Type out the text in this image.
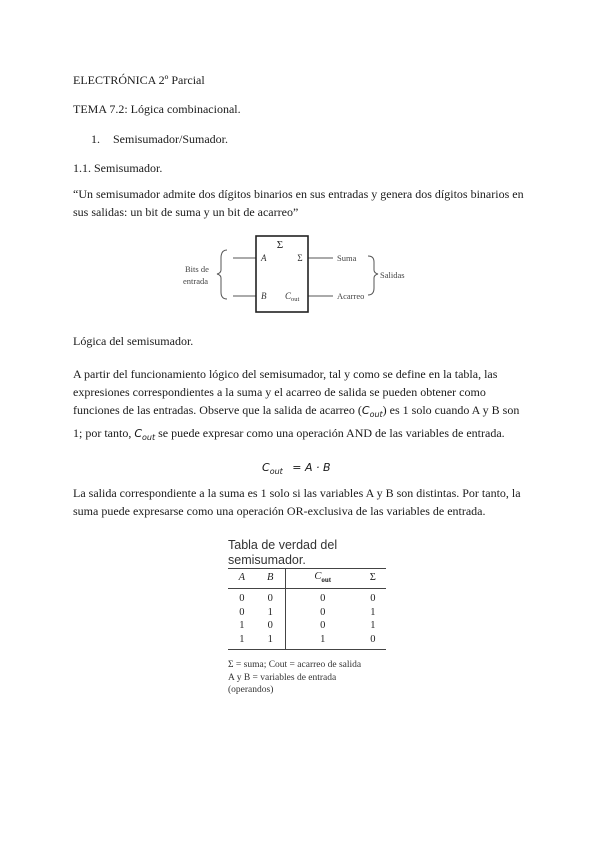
ELECTRÓNICA 2º Parcial
TEMA 7.2: Lógica combinacional.
1. Semisumador/Sumador.
1.1. Semisumador.
“Un semisumador admite dos dígitos binarios en sus entradas y genera dos dígitos binarios en sus salidas: un bit de suma y un bit de acarreo”
Σ
A
B
Σ
$C_{out}$
Bits de
entrada
Suma
Acarreo
Salidas
Lógica del semisumador.
A partir del funcionamiento lógico del semisumador, tal y como se define en la tabla, las expresiones correspondientes a la suma y el acarreo de salida se pueden obtener como funciones de las entradas. Observe que la salida de acarreo $(C_{out})$ es 1 solo cuando A y B son 1; por tanto, $C_{out}$ se puede expresar como una operación AND de las variables de entrada.
$C_{out} = A \cdot B$
La salida correspondiente a la suma es 1 solo si las variables A y B son distintas. Por tanto, la suma puede expresarse como una operación OR-exclusiva de las variables de entrada.
Tabla de verdad del
semisumador.
A	B	$C_{out}$	Σ
0	0	0	0
0	1	0	1
1	0	0	1
1	1	1	0
Σ = suma; Cout = acarreo de salida
A y B = variables de entrada
(operandos)
